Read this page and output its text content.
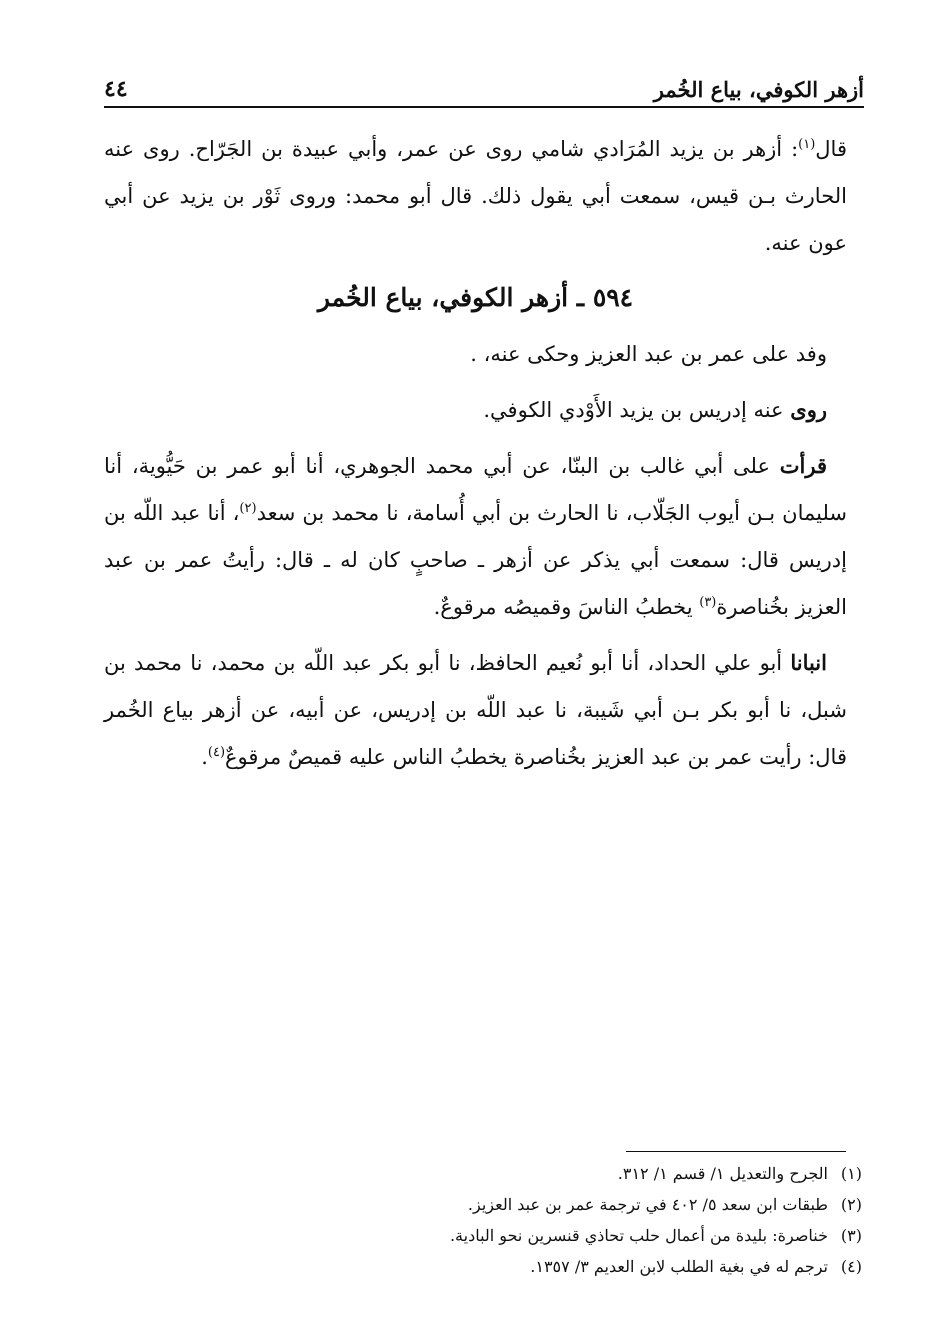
أزهر الكوفي، بياع الخُمر
٤٤

قال$^{(١)}$: أزهر بن يزيد المُرَادي شامي روى عن عمر، وأبي عبيدة بن الجَرّاح. روى عنه الحارث بـن قيس، سمعت أبي يقول ذلك. قال أبو محمد: وروى ثَوْر بن يزيد عن أبي عون عنه.

٥٩٤ ـ أزهر الكوفي، بياع الخُمر

وفد على عمر بن عبد العزيز وحكى عنه، .

روى عنه إدريس بن يزيد الأَوْدي الكوفي.

قرأت على أبي غالب بن البنّا، عن أبي محمد الجوهري، أنا أبو عمر بن حَيُّوية، أنا سليمان بـن أيوب الجَلّاب، نا الحارث بن أبي أُسامة، نا محمد بن سعد$^{(٢)}$، أنا عبد اللّه بن إدريس قال: سمعت أبي يذكر عن أزهر ـ صاحبٍ كان له ـ قال: رأيتُ عمر بن عبد العزيز بخُناصرة$^{(٣)}$ يخطبُ الناسَ وقميصُه مرقوعٌ.

انبانا أبو علي الحداد، أنا أبو نُعيم الحافظ، نا أبو بكر عبد اللّه بن محمد، نا محمد بن شبل، نا أبو بكر بـن أبي شَيبة، نا عبد اللّه بن إدريس، عن أبيه، عن أزهر بياع الخُمر قال: رأيت عمر بن عبد العزيز بخُناصرة يخطبُ الناس عليه قميصٌ مرقوعٌ$^{(٤)}$.

(١)
الجرح والتعديل ١/ قسم ١/ ٣١٢.
(٢)
طبقات ابن سعد ٥/ ٤٠٢ في ترجمة عمر بن عبد العزيز.
(٣)
خناصرة: بليدة من أعمال حلب تحاذي قنسرين نحو البادية.
(٤)
ترجم له في بغية الطلب لابن العديم ٣/ ١٣٥٧.
